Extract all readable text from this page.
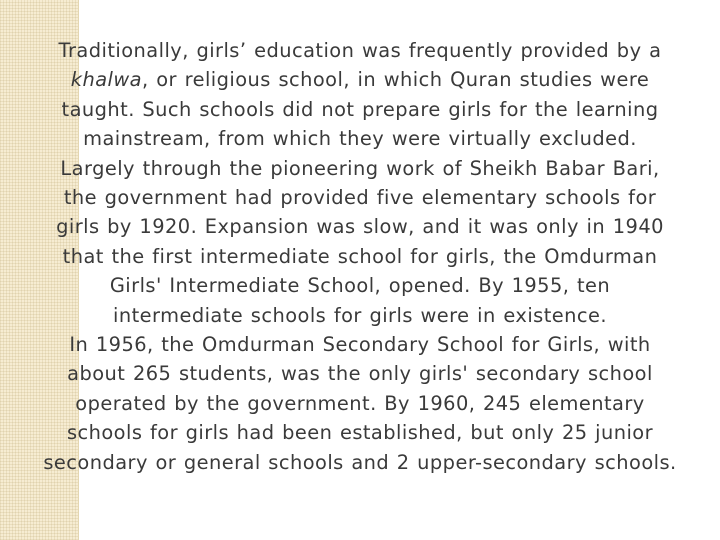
Traditionally, girls’ education was frequently provided by a
khalwa, or religious school, in which Quran studies were
taught. Such schools did not prepare girls for the learning
mainstream, from which they were virtually excluded.
Largely through the pioneering work of Sheikh Babar Bari,
the government had provided five elementary schools for
girls by 1920. Expansion was slow, and it was only in 1940
that the first intermediate school for girls, the Omdurman
Girls' Intermediate School, opened. By 1955, ten
intermediate schools for girls were in existence.
In 1956, the Omdurman Secondary School for Girls, with
about 265 students, was the only girls' secondary school
operated by the government. By 1960, 245 elementary
schools for girls had been established, but only 25 junior
secondary or general schools and 2 upper-secondary schools.
